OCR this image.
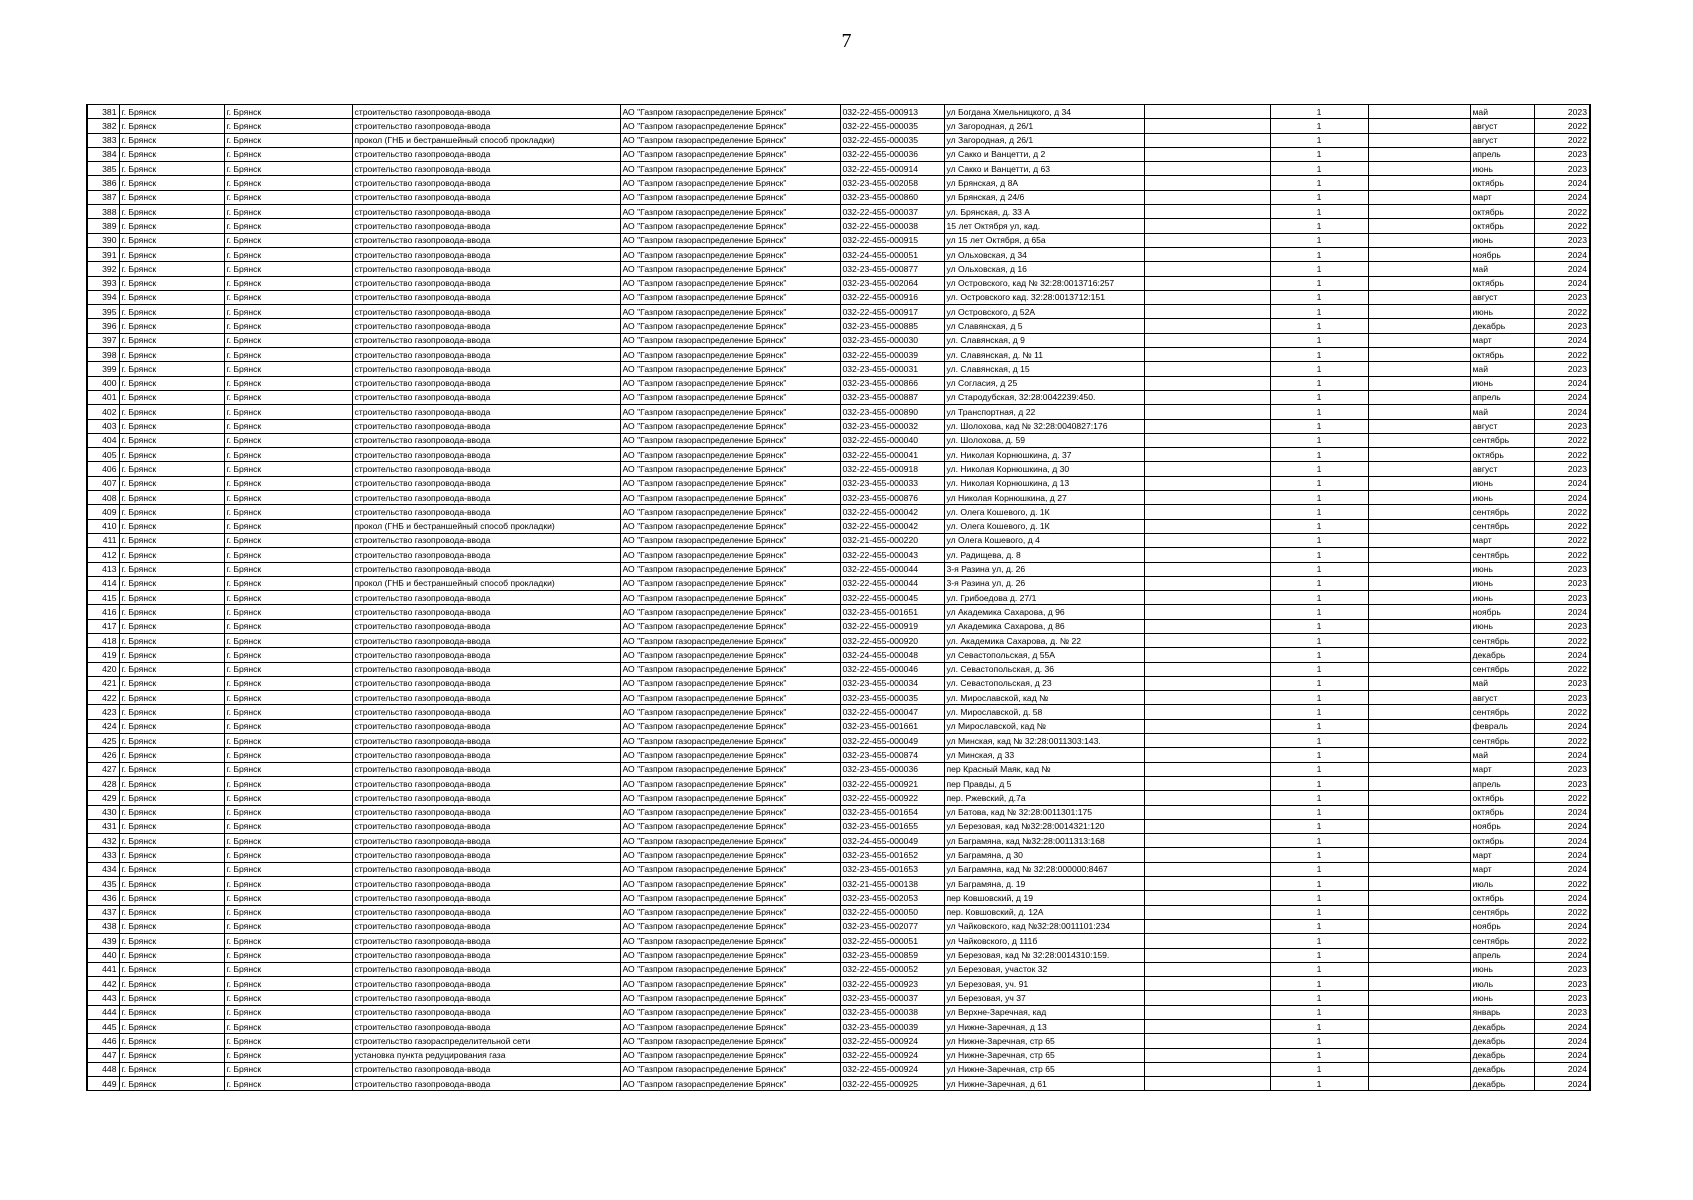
7
381	г. Брянск	г. Брянск	строительство газопровода-ввода	АО "Газпром газораспределение Брянск"	032-22-455-000913	ул Богдана Хмельницкого, д 34		1		май	2023
382	г. Брянск	г. Брянск	строительство газопровода-ввода	АО "Газпром газораспределение Брянск"	032-22-455-000035	ул Загородная, д 26/1		1		август	2022
383	г. Брянск	г. Брянск	прокол (ГНБ и бестраншейный способ прокладки)	АО "Газпром газораспределение Брянск"	032-22-455-000035	ул Загородная, д 26/1		1		август	2022
384	г. Брянск	г. Брянск	строительство газопровода-ввода	АО "Газпром газораспределение Брянск"	032-22-455-000036	ул Сакко и Ванцетти, д 2		1		апрель	2023
385	г. Брянск	г. Брянск	строительство газопровода-ввода	АО "Газпром газораспределение Брянск"	032-22-455-000914	ул Сакко и Ванцетти, д 63		1		июнь	2023
386	г. Брянск	г. Брянск	строительство газопровода-ввода	АО "Газпром газораспределение Брянск"	032-23-455-002058	ул Брянская, д 8А		1		октябрь	2024
387	г. Брянск	г. Брянск	строительство газопровода-ввода	АО "Газпром газораспределение Брянск"	032-23-455-000860	ул Брянская, д 24/6		1		март	2024
388	г. Брянск	г. Брянск	строительство газопровода-ввода	АО "Газпром газораспределение Брянск"	032-22-455-000037	ул. Брянская, д. 33 А		1		октябрь	2022
389	г. Брянск	г. Брянск	строительство газопровода-ввода	АО "Газпром газораспределение Брянск"	032-22-455-000038	15 лет Октября ул, кад.		1		октябрь	2022
390	г. Брянск	г. Брянск	строительство газопровода-ввода	АО "Газпром газораспределение Брянск"	032-22-455-000915	ул 15 лет Октября, д 65а		1		июнь	2023
391	г. Брянск	г. Брянск	строительство газопровода-ввода	АО "Газпром газораспределение Брянск"	032-24-455-000051	ул Ольховская, д 34		1		ноябрь	2024
392	г. Брянск	г. Брянск	строительство газопровода-ввода	АО "Газпром газораспределение Брянск"	032-23-455-000877	ул Ольховская, д 16		1		май	2024
393	г. Брянск	г. Брянск	строительство газопровода-ввода	АО "Газпром газораспределение Брянск"	032-23-455-002064	ул Островского, кад № 32:28:0013716:257		1		октябрь	2024
394	г. Брянск	г. Брянск	строительство газопровода-ввода	АО "Газпром газораспределение Брянск"	032-22-455-000916	ул. Островского кад. 32:28:0013712:151		1		август	2023
395	г. Брянск	г. Брянск	строительство газопровода-ввода	АО "Газпром газораспределение Брянск"	032-22-455-000917	ул Островского, д 52А		1		июнь	2022
396	г. Брянск	г. Брянск	строительство газопровода-ввода	АО "Газпром газораспределение Брянск"	032-23-455-000885	ул Славянская, д 5		1		декабрь	2023
397	г. Брянск	г. Брянск	строительство газопровода-ввода	АО "Газпром газораспределение Брянск"	032-23-455-000030	ул. Славянская, д 9		1		март	2024
398	г. Брянск	г. Брянск	строительство газопровода-ввода	АО "Газпром газораспределение Брянск"	032-22-455-000039	ул. Славянская, д. № 11		1		октябрь	2022
399	г. Брянск	г. Брянск	строительство газопровода-ввода	АО "Газпром газораспределение Брянск"	032-23-455-000031	ул. Славянская, д 15		1		май	2023
400	г. Брянск	г. Брянск	строительство газопровода-ввода	АО "Газпром газораспределение Брянск"	032-23-455-000866	ул Согласия, д 25		1		июнь	2024
401	г. Брянск	г. Брянск	строительство газопровода-ввода	АО "Газпром газораспределение Брянск"	032-23-455-000887	ул Стародубская, 32:28:0042239:450.		1		апрель	2024
402	г. Брянск	г. Брянск	строительство газопровода-ввода	АО "Газпром газораспределение Брянск"	032-23-455-000890	ул Транспортная, д 22		1		май	2024
403	г. Брянск	г. Брянск	строительство газопровода-ввода	АО "Газпром газораспределение Брянск"	032-23-455-000032	ул. Шолохова, кад № 32:28:0040827:176		1		август	2023
404	г. Брянск	г. Брянск	строительство газопровода-ввода	АО "Газпром газораспределение Брянск"	032-22-455-000040	ул. Шолохова, д. 59		1		сентябрь	2022
405	г. Брянск	г. Брянск	строительство газопровода-ввода	АО "Газпром газораспределение Брянск"	032-22-455-000041	ул. Николая Корнюшкина, д. 37		1		октябрь	2022
406	г. Брянск	г. Брянск	строительство газопровода-ввода	АО "Газпром газораспределение Брянск"	032-22-455-000918	ул. Николая Корнюшкина, д 30		1		август	2023
407	г. Брянск	г. Брянск	строительство газопровода-ввода	АО "Газпром газораспределение Брянск"	032-23-455-000033	ул. Николая Корнюшкина, д 13		1		июнь	2024
408	г. Брянск	г. Брянск	строительство газопровода-ввода	АО "Газпром газораспределение Брянск"	032-23-455-000876	ул Николая Корнюшкина, д 27		1		июнь	2024
409	г. Брянск	г. Брянск	строительство газопровода-ввода	АО "Газпром газораспределение Брянск"	032-22-455-000042	ул. Олега Кошевого, д. 1К		1		сентябрь	2022
410	г. Брянск	г. Брянск	прокол (ГНБ и бестраншейный способ прокладки)	АО "Газпром газораспределение Брянск"	032-22-455-000042	ул. Олега Кошевого, д. 1К		1		сентябрь	2022
411	г. Брянск	г. Брянск	строительство газопровода-ввода	АО "Газпром газораспределение Брянск"	032-21-455-000220	ул Олега Кошевого, д 4		1		март	2022
412	г. Брянск	г. Брянск	строительство газопровода-ввода	АО "Газпром газораспределение Брянск"	032-22-455-000043	ул. Радищева, д. 8		1		сентябрь	2022
413	г. Брянск	г. Брянск	строительство газопровода-ввода	АО "Газпром газораспределение Брянск"	032-22-455-000044	3-я Разина ул, д. 26		1		июнь	2023
414	г. Брянск	г. Брянск	прокол (ГНБ и бестраншейный способ прокладки)	АО "Газпром газораспределение Брянск"	032-22-455-000044	3-я Разина ул, д. 26		1		июнь	2023
415	г. Брянск	г. Брянск	строительство газопровода-ввода	АО "Газпром газораспределение Брянск"	032-22-455-000045	ул. Грибоедова д. 27/1		1		июнь	2023
416	г. Брянск	г. Брянск	строительство газопровода-ввода	АО "Газпром газораспределение Брянск"	032-23-455-001651	ул Академика Сахарова, д 96		1		ноябрь	2024
417	г. Брянск	г. Брянск	строительство газопровода-ввода	АО "Газпром газораспределение Брянск"	032-22-455-000919	ул Академика Сахарова, д 86		1		июнь	2023
418	г. Брянск	г. Брянск	строительство газопровода-ввода	АО "Газпром газораспределение Брянск"	032-22-455-000920	ул. Академика Сахарова, д. № 22		1		сентябрь	2022
419	г. Брянск	г. Брянск	строительство газопровода-ввода	АО "Газпром газораспределение Брянск"	032-24-455-000048	ул Севастопольская, д 55А		1		декабрь	2024
420	г. Брянск	г. Брянск	строительство газопровода-ввода	АО "Газпром газораспределение Брянск"	032-22-455-000046	ул. Севастопольская, д. 36		1		сентябрь	2022
421	г. Брянск	г. Брянск	строительство газопровода-ввода	АО "Газпром газораспределение Брянск"	032-23-455-000034	ул. Севастопольская, д 23		1		май	2023
422	г. Брянск	г. Брянск	строительство газопровода-ввода	АО "Газпром газораспределение Брянск"	032-23-455-000035	ул. Мирославской, кад №		1		август	2023
423	г. Брянск	г. Брянск	строительство газопровода-ввода	АО "Газпром газораспределение Брянск"	032-22-455-000047	ул. Мирославской, д. 58		1		сентябрь	2022
424	г. Брянск	г. Брянск	строительство газопровода-ввода	АО "Газпром газораспределение Брянск"	032-23-455-001661	ул Мирославской, кад №		1		февраль	2024
425	г. Брянск	г. Брянск	строительство газопровода-ввода	АО "Газпром газораспределение Брянск"	032-22-455-000049	ул Минская, кад № 32:28:0011303:143.		1		сентябрь	2022
426	г. Брянск	г. Брянск	строительство газопровода-ввода	АО "Газпром газораспределение Брянск"	032-23-455-000874	ул Минская, д 33		1		май	2024
427	г. Брянск	г. Брянск	строительство газопровода-ввода	АО "Газпром газораспределение Брянск"	032-23-455-000036	пер Красный Маяк, кад №		1		март	2023
428	г. Брянск	г. Брянск	строительство газопровода-ввода	АО "Газпром газораспределение Брянск"	032-22-455-000921	пер Правды, д 5		1		апрель	2023
429	г. Брянск	г. Брянск	строительство газопровода-ввода	АО "Газпром газораспределение Брянск"	032-22-455-000922	пер. Ржевский, д.7а		1		октябрь	2022
430	г. Брянск	г. Брянск	строительство газопровода-ввода	АО "Газпром газораспределение Брянск"	032-23-455-001654	ул Батова, кад № 32:28:0011301:175		1		октябрь	2024
431	г. Брянск	г. Брянск	строительство газопровода-ввода	АО "Газпром газораспределение Брянск"	032-23-455-001655	ул Березовая, кад №32:28:0014321:120		1		ноябрь	2024
432	г. Брянск	г. Брянск	строительство газопровода-ввода	АО "Газпром газораспределение Брянск"	032-24-455-000049	ул Баграмяна, кад №32:28:0011313:168		1		октябрь	2024
433	г. Брянск	г. Брянск	строительство газопровода-ввода	АО "Газпром газораспределение Брянск"	032-23-455-001652	ул Баграмяна, д 30		1		март	2024
434	г. Брянск	г. Брянск	строительство газопровода-ввода	АО "Газпром газораспределение Брянск"	032-23-455-001653	ул Баграмяна, кад № 32:28:000000:8467		1		март	2024
435	г. Брянск	г. Брянск	строительство газопровода-ввода	АО "Газпром газораспределение Брянск"	032-21-455-000138	ул Баграмяна, д. 19		1		июль	2022
436	г. Брянск	г. Брянск	строительство газопровода-ввода	АО "Газпром газораспределение Брянск"	032-23-455-002053	пер Ковшовский, д 19		1		октябрь	2024
437	г. Брянск	г. Брянск	строительство газопровода-ввода	АО "Газпром газораспределение Брянск"	032-22-455-000050	пер. Ковшовский, д. 12А		1		сентябрь	2022
438	г. Брянск	г. Брянск	строительство газопровода-ввода	АО "Газпром газораспределение Брянск"	032-23-455-002077	ул Чайковского, кад №32:28:0011101:234		1		ноябрь	2024
439	г. Брянск	г. Брянск	строительство газопровода-ввода	АО "Газпром газораспределение Брянск"	032-22-455-000051	ул Чайковского, д 111б		1		сентябрь	2022
440	г. Брянск	г. Брянск	строительство газопровода-ввода	АО "Газпром газораспределение Брянск"	032-23-455-000859	ул Березовая, кад № 32:28:0014310:159.		1		апрель	2024
441	г. Брянск	г. Брянск	строительство газопровода-ввода	АО "Газпром газораспределение Брянск"	032-22-455-000052	ул Березовая, участок 32		1		июнь	2023
442	г. Брянск	г. Брянск	строительство газопровода-ввода	АО "Газпром газораспределение Брянск"	032-22-455-000923	ул Березовая, уч. 91		1		июль	2023
443	г. Брянск	г. Брянск	строительство газопровода-ввода	АО "Газпром газораспределение Брянск"	032-23-455-000037	ул Березовая, уч 37		1		июнь	2023
444	г. Брянск	г. Брянск	строительство газопровода-ввода	АО "Газпром газораспределение Брянск"	032-23-455-000038	ул Верхне-Заречная, кад		1		январь	2023
445	г. Брянск	г. Брянск	строительство газопровода-ввода	АО "Газпром газораспределение Брянск"	032-23-455-000039	ул Нижне-Заречная, д 13		1		декабрь	2024
446	г. Брянск	г. Брянск	строительство газораспределительной сети	АО "Газпром газораспределение Брянск"	032-22-455-000924	ул Нижне-Заречная, стр 65		1		декабрь	2024
447	г. Брянск	г. Брянск	установка пункта редуцирования газа	АО "Газпром газораспределение Брянск"	032-22-455-000924	ул Нижне-Заречная, стр 65		1		декабрь	2024
448	г. Брянск	г. Брянск	строительство газопровода-ввода	АО "Газпром газораспределение Брянск"	032-22-455-000924	ул Нижне-Заречная, стр 65		1		декабрь	2024
449	г. Брянск	г. Брянск	строительство газопровода-ввода	АО "Газпром газораспределение Брянск"	032-22-455-000925	ул Нижне-Заречная, д 61		1		декабрь	2024
